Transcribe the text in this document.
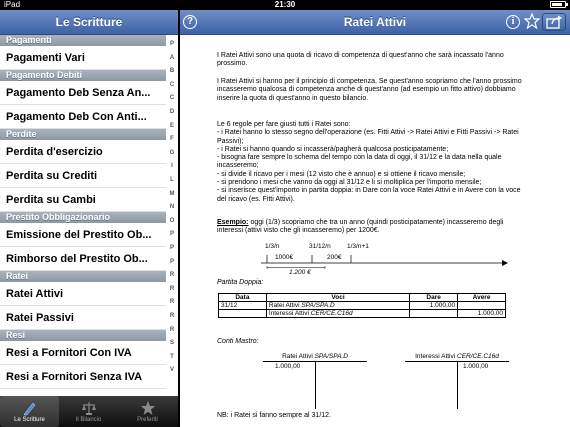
iPad	21:30
Le Scritture
Pagamenti
Pagamenti Vari
Pagamento Debiti
Pagamento Deb Senza An...
Pagamento Deb Con Anti...
Perdite
Perdita d'esercizio
Perdita su Crediti
Perdita su Cambi
Prestito Obbligazionario
Emissione del Prestito Ob...
Rimborso del Prestito Ob...
Ratei
Ratei Attivi
Ratei Passivi
Resi
Resi a Fornitori Con IVA
Resi a Fornitori Senza IVA
P
A
B
C
C
D
E
F
G
I
L
M
N
O
P
P
P
R
R
R
R
R
S
T
V
Le Scritture	Il Bilancio	Preferiti
?	Ratei Attivi	i

I Ratei Attivi sono una quota di ricavo di competenza di quest'anno che sarà incassato l'anno prossimo.

I Ratei Attivi si hanno per il principio di competenza. Se quest'anno scopriamo che l'anno prossimo incasseremo qualcosa di competenza anche di quest'anno (ad esempio un fitto attivo) dobbiamo inserire la quota di quest'anno in questo bilancio.

Le 6 regole per fare giusti tutti i Ratei sono:
- i Ratei hanno lo stesso segno dell'operazione (es. Fitti Attivi -> Ratei Attivi e Fitti Passivi -> Ratei Passivi);
- i Ratei si hanno quando si incasserà/pagherà qualcosa posticipatamente;
- bisogna fare sempre lo schema del tempo con la data di oggi, il 31/12 e la data nella quale incasseremo;
- si divide il ricavo per i mesi (12 visto che è annuo) e si ottiene il ricavo mensile;
- si prendono i mesi che vanno da oggi al 31/12 e li si moltiplica per l'importo mensile;
- si inserisce quest'importo in partita doppia: in Dare con la voce Ratei Attivi e in Avere con la voce del ricavo (es. Fitti Attivi).

Esempio: oggi (1/3) scopriamo che tra un anno (quindi posticipatamente) incasseremo degli interessi (attivi visto che gli incasseremo) per 1200€.

1/3/n	31/12/n	1/3/n+1
1000€	200€
1.200 €

Partita Doppia:

Data	Voci	Dare	Avere
31/12	Ratei Attivi SPA/SPA.D	1.000,00	
	Interessi Attivi CER/CE.C16d		1.000,00

Conti Mastro:

Ratei Attivi SPA/SPA.D
1.000,00
Interessi Attivi CER/CE.C16d
1.000,00

NB: i Ratei si fanno sempre al 31/12.
